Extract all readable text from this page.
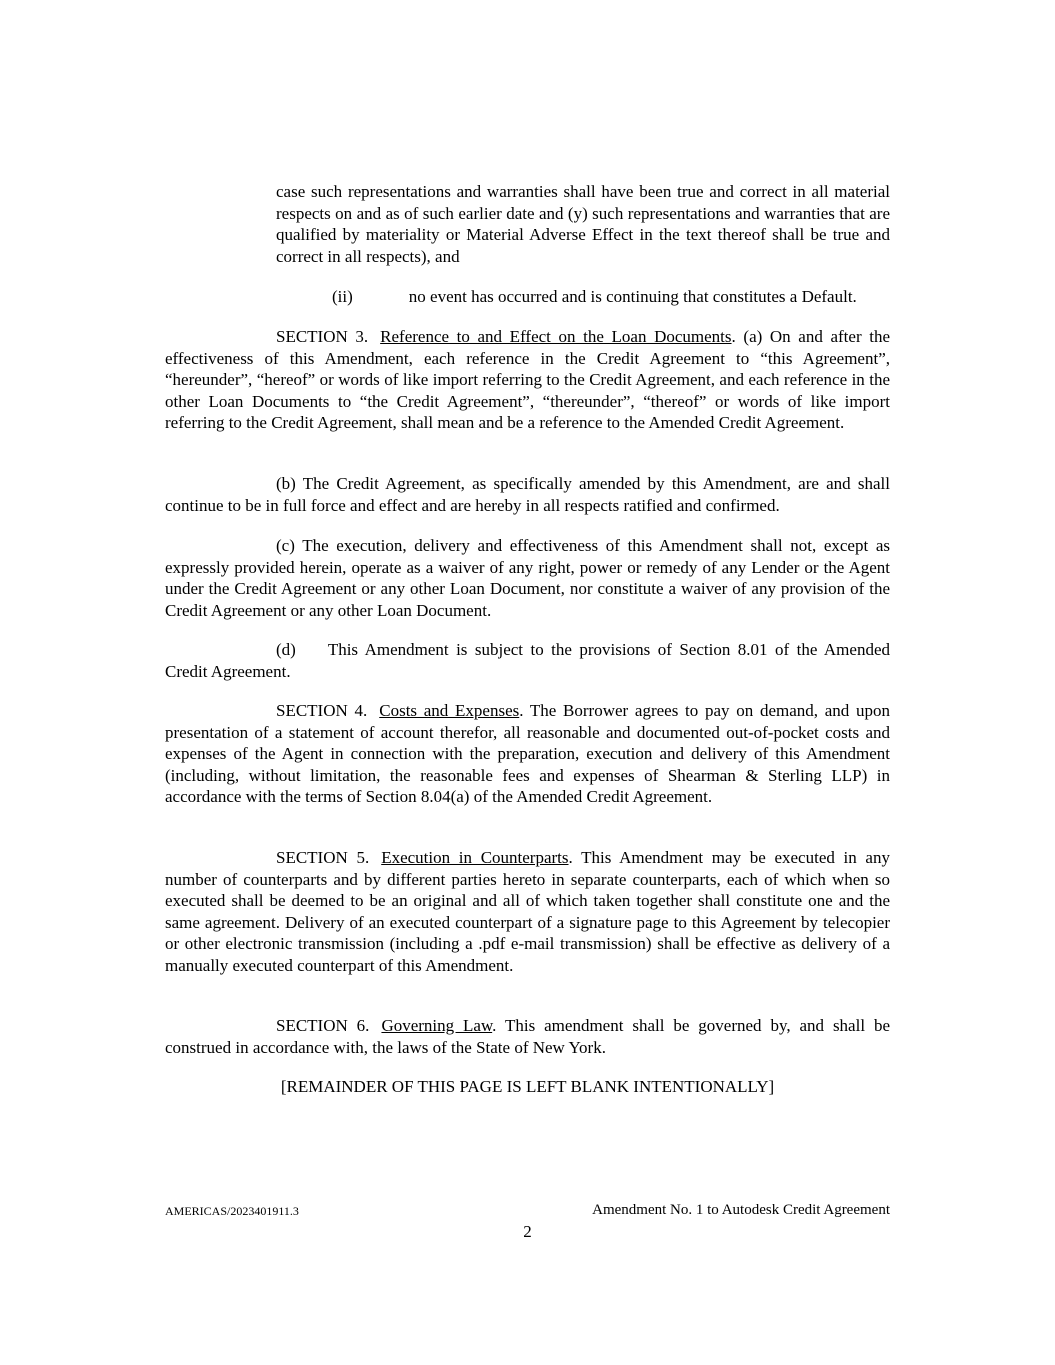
case such representations and warranties shall have been true and correct in all material respects on and as of such earlier date and (y) such representations and warranties that are qualified by materiality or Material Adverse Effect in the text thereof shall be true and correct in all respects), and

(ii)	no event has occurred and is continuing that constitutes a Default.

SECTION 3. Reference to and Effect on the Loan Documents. (a) On and after the effectiveness of this Amendment, each reference in the Credit Agreement to “this Agreement”, “hereunder”, “hereof” or words of like import referring to the Credit Agreement, and each reference in the other Loan Documents to “the Credit Agreement”, “thereunder”, “thereof” or words of like import referring to the Credit Agreement, shall mean and be a reference to the Amended Credit Agreement.

(b) The Credit Agreement, as specifically amended by this Amendment, are and shall continue to be in full force and effect and are hereby in all respects ratified and confirmed.

(c) The execution, delivery and effectiveness of this Amendment shall not, except as expressly provided herein, operate as a waiver of any right, power or remedy of any Lender or the Agent under the Credit Agreement or any other Loan Document, nor constitute a waiver of any provision of the Credit Agreement or any other Loan Document.

(d) This Amendment is subject to the provisions of Section 8.01 of the Amended Credit Agreement.

SECTION 4. Costs and Expenses. The Borrower agrees to pay on demand, and upon presentation of a statement of account therefor, all reasonable and documented out-of-pocket costs and expenses of the Agent in connection with the preparation, execution and delivery of this Amendment (including, without limitation, the reasonable fees and expenses of Shearman & Sterling LLP) in accordance with the terms of Section 8.04(a) of the Amended Credit Agreement.

SECTION 5. Execution in Counterparts. This Amendment may be executed in any number of counterparts and by different parties hereto in separate counterparts, each of which when so executed shall be deemed to be an original and all of which taken together shall constitute one and the same agreement. Delivery of an executed counterpart of a signature page to this Agreement by telecopier or other electronic transmission (including a .pdf e-mail transmission) shall be effective as delivery of a manually executed counterpart of this Amendment.

SECTION 6. Governing Law. This amendment shall be governed by, and shall be construed in accordance with, the laws of the State of New York.

[REMAINDER OF THIS PAGE IS LEFT BLANK INTENTIONALLY]

AMERICAS/2023401911.3	Amendment No. 1 to Autodesk Credit Agreement
2
